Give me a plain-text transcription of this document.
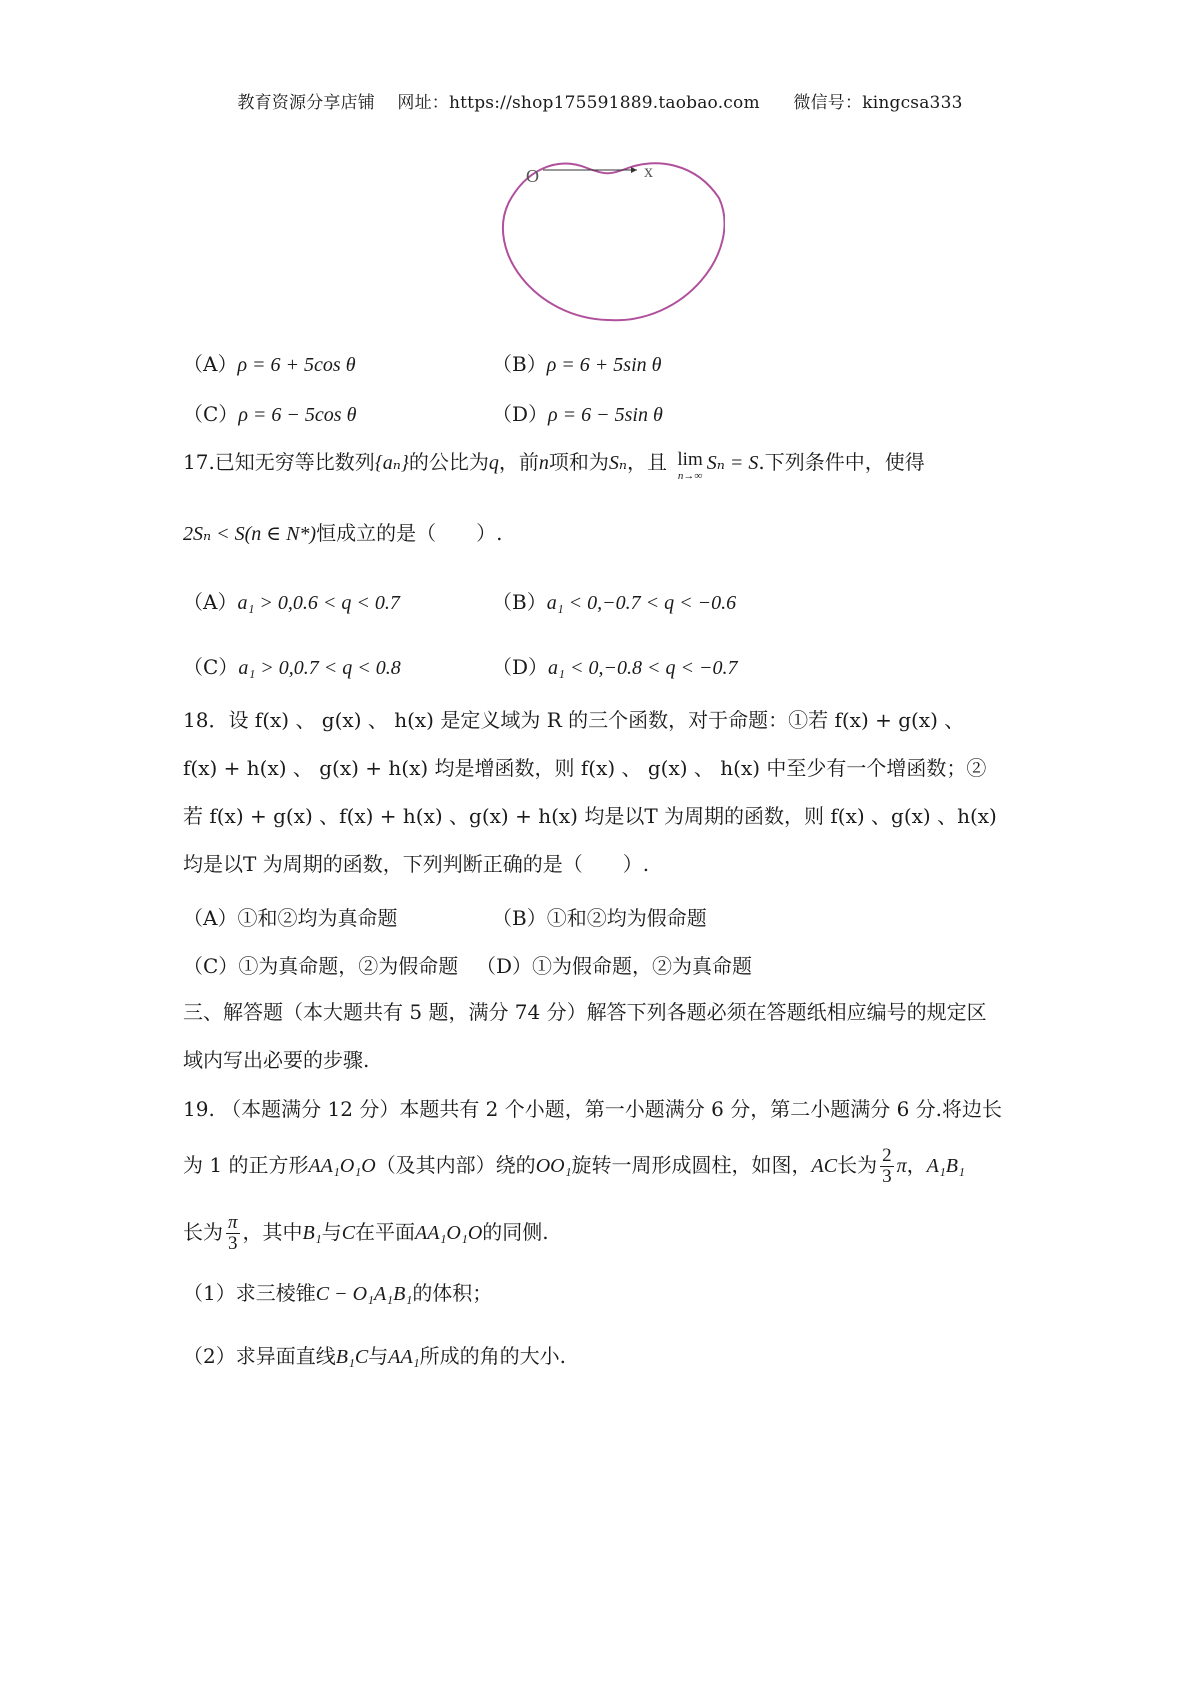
教育资源分享店铺    网址：https://shop175591889.taobao.com      微信号：kingcsa333
O	x
（A）ρ = 6 + 5cos θ	（B）ρ = 6 + 5sin θ
（C）ρ = 6 − 5cos θ	（D）ρ = 6 − 5sin θ
17.已知无穷等比数列{aₙ}的公比为q，前n项和为Sₙ，且 lim
n→∞
Sₙ = S.下列条件中，使得
2Sₙ < S(n ∈ N*)恒成立的是（　　）.
（A）a₁ > 0,0.6 < q < 0.7	（B）a₁ < 0,−0.7 < q < −0.6
（C）a₁ > 0,0.7 < q < 0.8	（D）a₁ < 0,−0.8 < q < −0.7
18．设 f(x) 、 g(x) 、 h(x) 是定义域为 R 的三个函数，对于命题：①若 f(x) + g(x) 、
f(x) + h(x) 、 g(x) + h(x) 均是增函数，则 f(x) 、 g(x) 、 h(x) 中至少有一个增函数；②
若 f(x) + g(x) 、f(x) + h(x) 、g(x) + h(x) 均是以T 为周期的函数，则 f(x) 、g(x) 、h(x)
均是以T 为周期的函数，下列判断正确的是（　　）.
（A）①和②均为真命题	（B）①和②均为假命题
（C）①为真命题，②为假命题 （D）①为假命题，②为真命题
三、解答题（本大题共有 5 题，满分 74 分）解答下列各题必须在答题纸相应编号的规定区
域内写出必要的步骤.
19. （本题满分 12 分）本题共有 2 个小题，第一小题满分 6 分，第二小题满分 6 分.将边长
为 1 的正方形AA₁O₁O（及其内部）绕的OO₁旋转一周形成圆柱，如图，AC长为 $\frac{2}{3}$ π，A₁B₁
长为 $\frac{\pi}{3}$ ，其中B₁与C在平面AA₁O₁O的同侧.
（1）求三棱锥C − O₁A₁B₁的体积；
（2）求异面直线B₁C与AA₁所成的角的大小.
